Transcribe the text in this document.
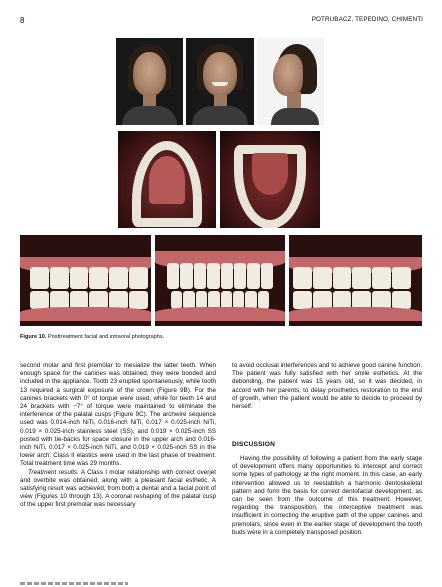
8	POTRUBACZ, TEPEDINO, CHIMENTI
Figure 10. Posttreatment facial and intraoral photographs.

second molar and first premolar to mesialize the latter teeth. When enough space for the canines was obtained, they were bonded and included in the appliance. Tooth 23 erupted spontaneously, while tooth 13 required a surgical exposure of the crown (Figure 9B). For the canines brackets with 0° of torque were used, while for teeth 14 and 24 brackets with −7° of torque were maintained to eliminate the interference of the palatal cusps (Figure 9C). The archwire sequence used was 0.014-inch NiTi, 0.016-inch NiTi, 0.017 × 0.025-inch NiTi, 0.019 × 0.025-inch stainless steel (SS), and 0.019 × 0.025-inch SS posted with tie-backs for space closure in the upper arch and 0.016-inch NiTi, 0.017 × 0.025-inch NiTi, and 0.019 × 0.025-inch SS in the lower arch. Class II elastics were used in the last phase of treatment. Total treatment time was 29 months.

Treatment results. A Class I molar relationship with correct overjet and overbite was obtained, along with a pleasant facial esthetic. A satisfying result was achieved, from both a dental and a facial point of view (Figures 10 through 13). A coronal reshaping of the palatal cusp of the upper first premolar was necessary

to avoid occlusal interferences and to achieve good canine function. The patient was fully satisfied with her smile esthetics. At the debonding, the patient was 15 years old, so it was decided, in accord with her parents, to delay prosthetics restoration to the end of growth, when the patient would be able to decide to proceed by herself.

DISCUSSION

Having the possibility of following a patient from the early stage of development offers many opportunities to intercept and correct some types of pathology at the right moment. In this case, an early intervention allowed us to reestablish a harmonic dentoskeletal pattern and form the basis for correct dentofacial development, as can be seen from the outcome of this treatment. However, regarding the transposition, the interceptive treatment was insufficient in correcting the eruptive path of the upper canines and premolars, since even in the earlier stage of development the tooth buds were in a completely transposed position.
